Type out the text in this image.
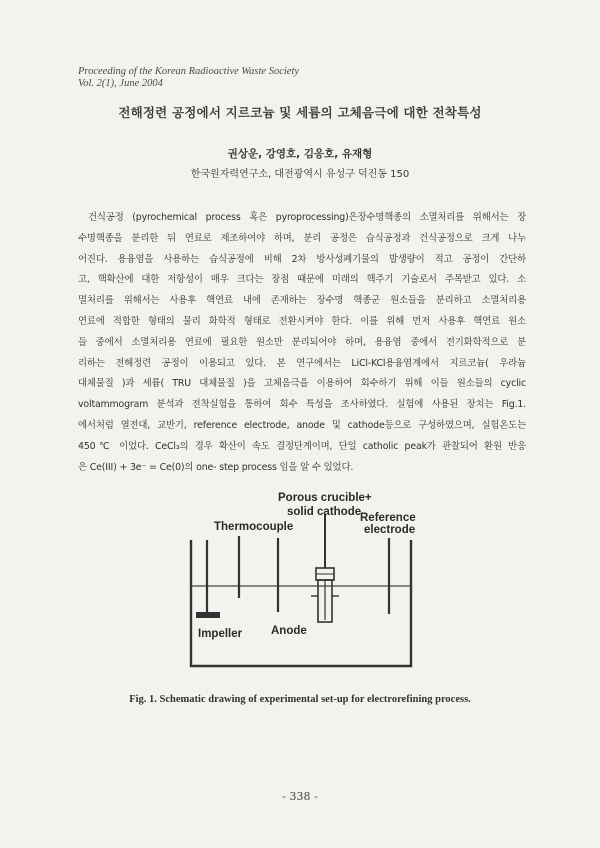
Proceeding of the Korean Radioactive Waste Society
Vol. 2(1), June 2004
전해정련 공정에서 지르코늄 및 세륨의 고체음극에 대한 전착특성
권상운, 강영호, 김응호, 유재형
한국원자력연구소, 대전광역시 유성구 덕진동 150
건식공정 (pyrochemical process 혹은 pyroprocessing)은장수명핵종의 소멸처리를 위해서는 장
수명핵종을 분리한 뒤 연료로 제조하여야 하며, 분리 공정은 습식공정과 건식공정으로 크게 나누
어진다. 용융염을 사용하는 습식공정에 비해 2차 방사성폐기물의 발생량이 적고 공정이 간단하
고, 핵확산에 대한 저항성이 매우 크다는 장점 때문에 미래의 핵주기 기술로서 주목받고 있다. 소
멸처리를 위해서는 사용후 핵연료 내에 존재하는 장수명 핵종군 원소들을 분리하고 소멸처리용
연료에 적합한 형태의 물리 화학적 형태로 전환시켜야 한다. 이를 위해 먼저 사용후 핵연료 원소
들 중에서 소멸처리용 연료에 필요한 원소만 분리되어야 하며, 용융염 중에서 전기화학적으로 분
리하는 전해정련 공정이 이용되고 있다. 본 연구에서는 LiCl-KCl용융염계에서 지르코늄( 우라늄
대체물질 )과 세륨( TRU 대체물질 )을 고체음극을 이용하여 회수하기 위해 이들 원소들의 cyclic
voltammogram 분석과 전착실험을 통하여 회수 특성을 조사하였다. 실험에 사용된 장치는 Fig.1.
에서처럼 열전대, 교반기, reference electrode, anode 및 cathode등으로 구성하였으며, 실험온도는
450℃ 이었다. CeCl₃의 경우 확산이 속도 결정단계이며, 단일 catholic peak가 관찰되어 환원 반응
은 Ce(III) + 3e⁻ = Ce(0)의 one- step process 임을 알 수 있었다.
Porous crucible+
solid cathode
Reference
electrode
Thermocouple
Impeller	Anode
Fig. 1. Schematic drawing of experimental set-up for electrorefining process.
- 338 -
